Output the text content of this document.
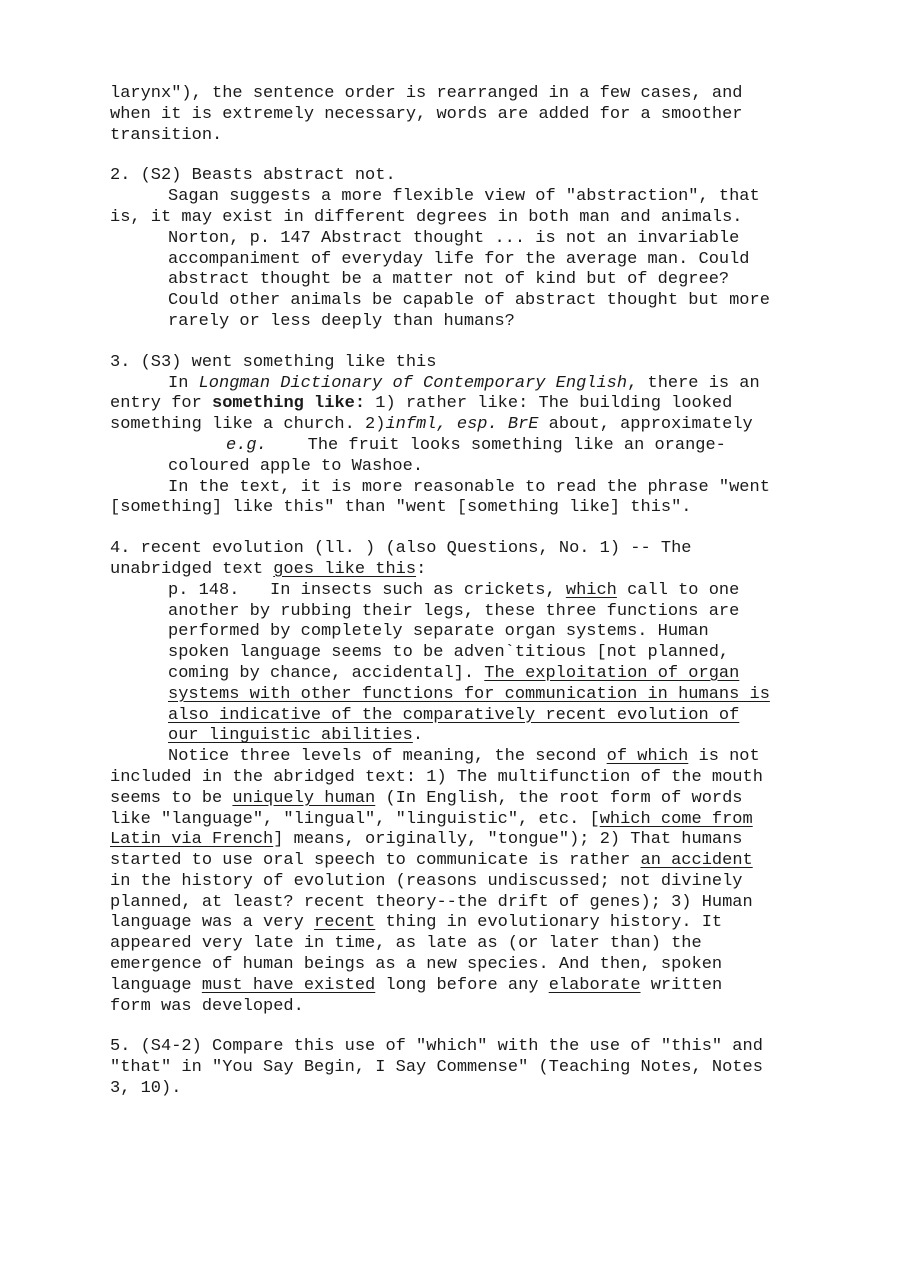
larynx"), the sentence order is rearranged in a few cases, and
when it is extremely necessary, words are added for a smoother
transition.
2. (S2) Beasts abstract not.
Sagan suggests a more flexible view of "abstraction", that
is, it may exist in different degrees in both man and animals.
Norton, p. 147 Abstract thought ... is not an invariable
accompaniment of everyday life for the average man. Could
abstract thought be a matter not of kind but of degree?
Could other animals be capable of abstract thought but more
rarely or less deeply than humans?
3. (S3) went something like this
In Longman Dictionary of Contemporary English, there is an
entry for something like: 1) rather like: The building looked
something like a church. 2)infml, esp. BrE about, approximately
e.g.    The fruit looks something like an orange-
coloured apple to Washoe.
In the text, it is more reasonable to read the phrase "went
[something] like this" than "went [something like] this".
4. recent evolution (ll. ) (also Questions, No. 1) -- The
unabridged text goes like this:
p. 148.   In insects such as crickets, which call to one
another by rubbing their legs, these three functions are
performed by completely separate organ systems. Human
spoken language seems to be adven`titious [not planned,
coming by chance, accidental]. The exploitation of organ
systems with other functions for communication in humans is
also indicative of the comparatively recent evolution of
our linguistic abilities.
Notice three levels of meaning, the second of which is not
included in the abridged text: 1) The multifunction of the mouth
seems to be uniquely human (In English, the root form of words
like "language", "lingual", "linguistic", etc. [which come from
Latin via French] means, originally, "tongue"); 2) That humans
started to use oral speech to communicate is rather an accident
in the history of evolution (reasons undiscussed; not divinely
planned, at least? recent theory--the drift of genes); 3) Human
language was a very recent thing in evolutionary history. It
appeared very late in time, as late as (or later than) the
emergence of human beings as a new species. And then, spoken
language must have existed long before any elaborate written
form was developed.
5. (S4-2) Compare this use of "which" with the use of "this" and
"that" in "You Say Begin, I Say Commense" (Teaching Notes, Notes
3, 10).
